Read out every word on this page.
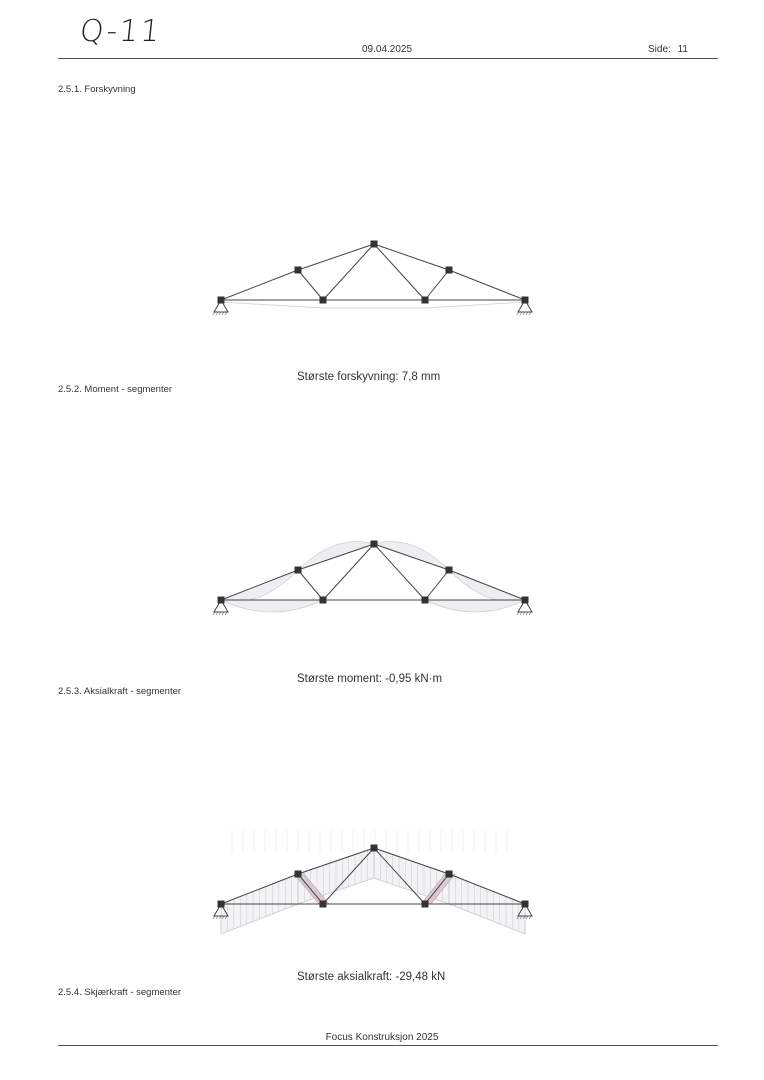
Q-11
09.04.2025	Side: 11
2.5.1. Forskyvning
Største forskyvning: 7,8 mm
2.5.2. Moment - segmenter
Største moment: -0,95 kN·m
2.5.3. Aksialkraft - segmenter
Største aksialkraft: -29,48 kN
2.5.4. Skjærkraft - segmenter
Focus Konstruksjon 2025
